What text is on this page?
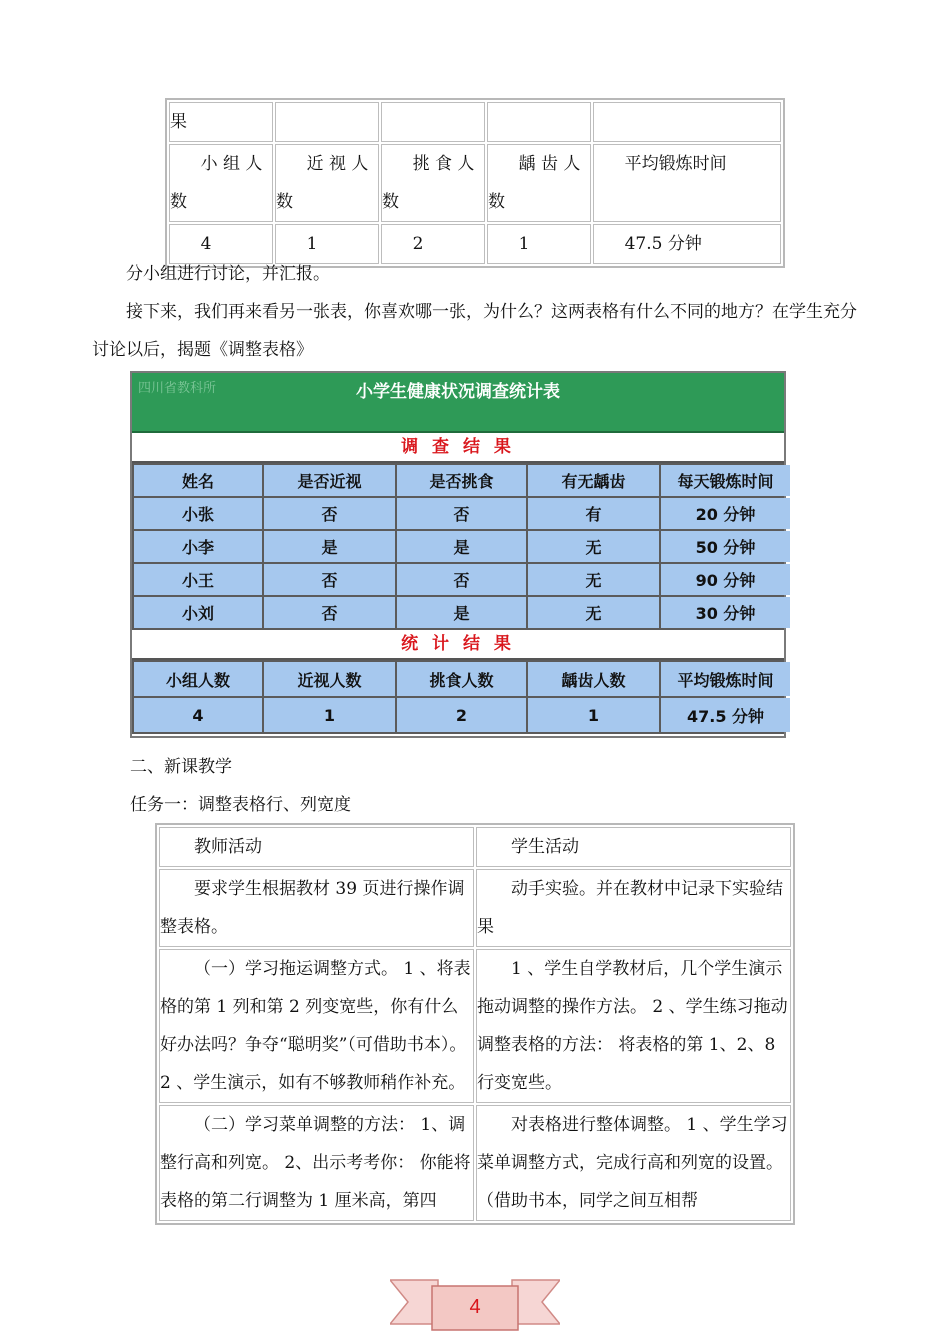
果				
小 组 人数	近 视 人数	挑 食 人数	龋 齿 人数	平均锻炼时间
4	1	2	1	47.5 分钟

分小组进行讨论，并汇报。

接下来，我们再来看另一张表，你喜欢哪一张，为什么？这两表格有什么不同的地方？在学生充分讨论以后，揭题《调整表格》

四川省教科所	小学生健康状况调查统计表
调 查 结 果
姓名	是否近视	是否挑食	有无龋齿	每天锻炼时间
小张	否	否	有	20 分钟
小李	是	是	无	50 分钟
小王	否	否	无	90 分钟
小刘	否	是	无	30 分钟
统 计 结 果
小组人数	近视人数	挑食人数	龋齿人数	平均锻炼时间
4	1	2	1	47.5 分钟

二、新课教学

任务一：调整表格行、列宽度

教师活动	学生活动
要求学生根据教材 39 页进行操作调整表格。	动手实验。并在教材中记录下实验结果
（一）学习拖运调整方式。 1 、将表格的第 1 列和第 2 列变宽些，你有什么好办法吗？争夺“聪明奖”（可借助书本）。 2 、学生演示，如有不够教师稍作补充。	1 、学生自学教材后，几个学生演示拖动调整的操作方法。 2 、学生练习拖动调整表格的方法： 将表格的第 1、2、8 行变宽些。
（二）学习菜单调整的方法： 1、调整行高和列宽。 2、出示考考你： 你能将表格的第二行调整为 1 厘米高，第四	对表格进行整体调整。 1 、学生学习菜单调整方式，完成行高和列宽的设置。（借助书本，同学之间互相帮
4
